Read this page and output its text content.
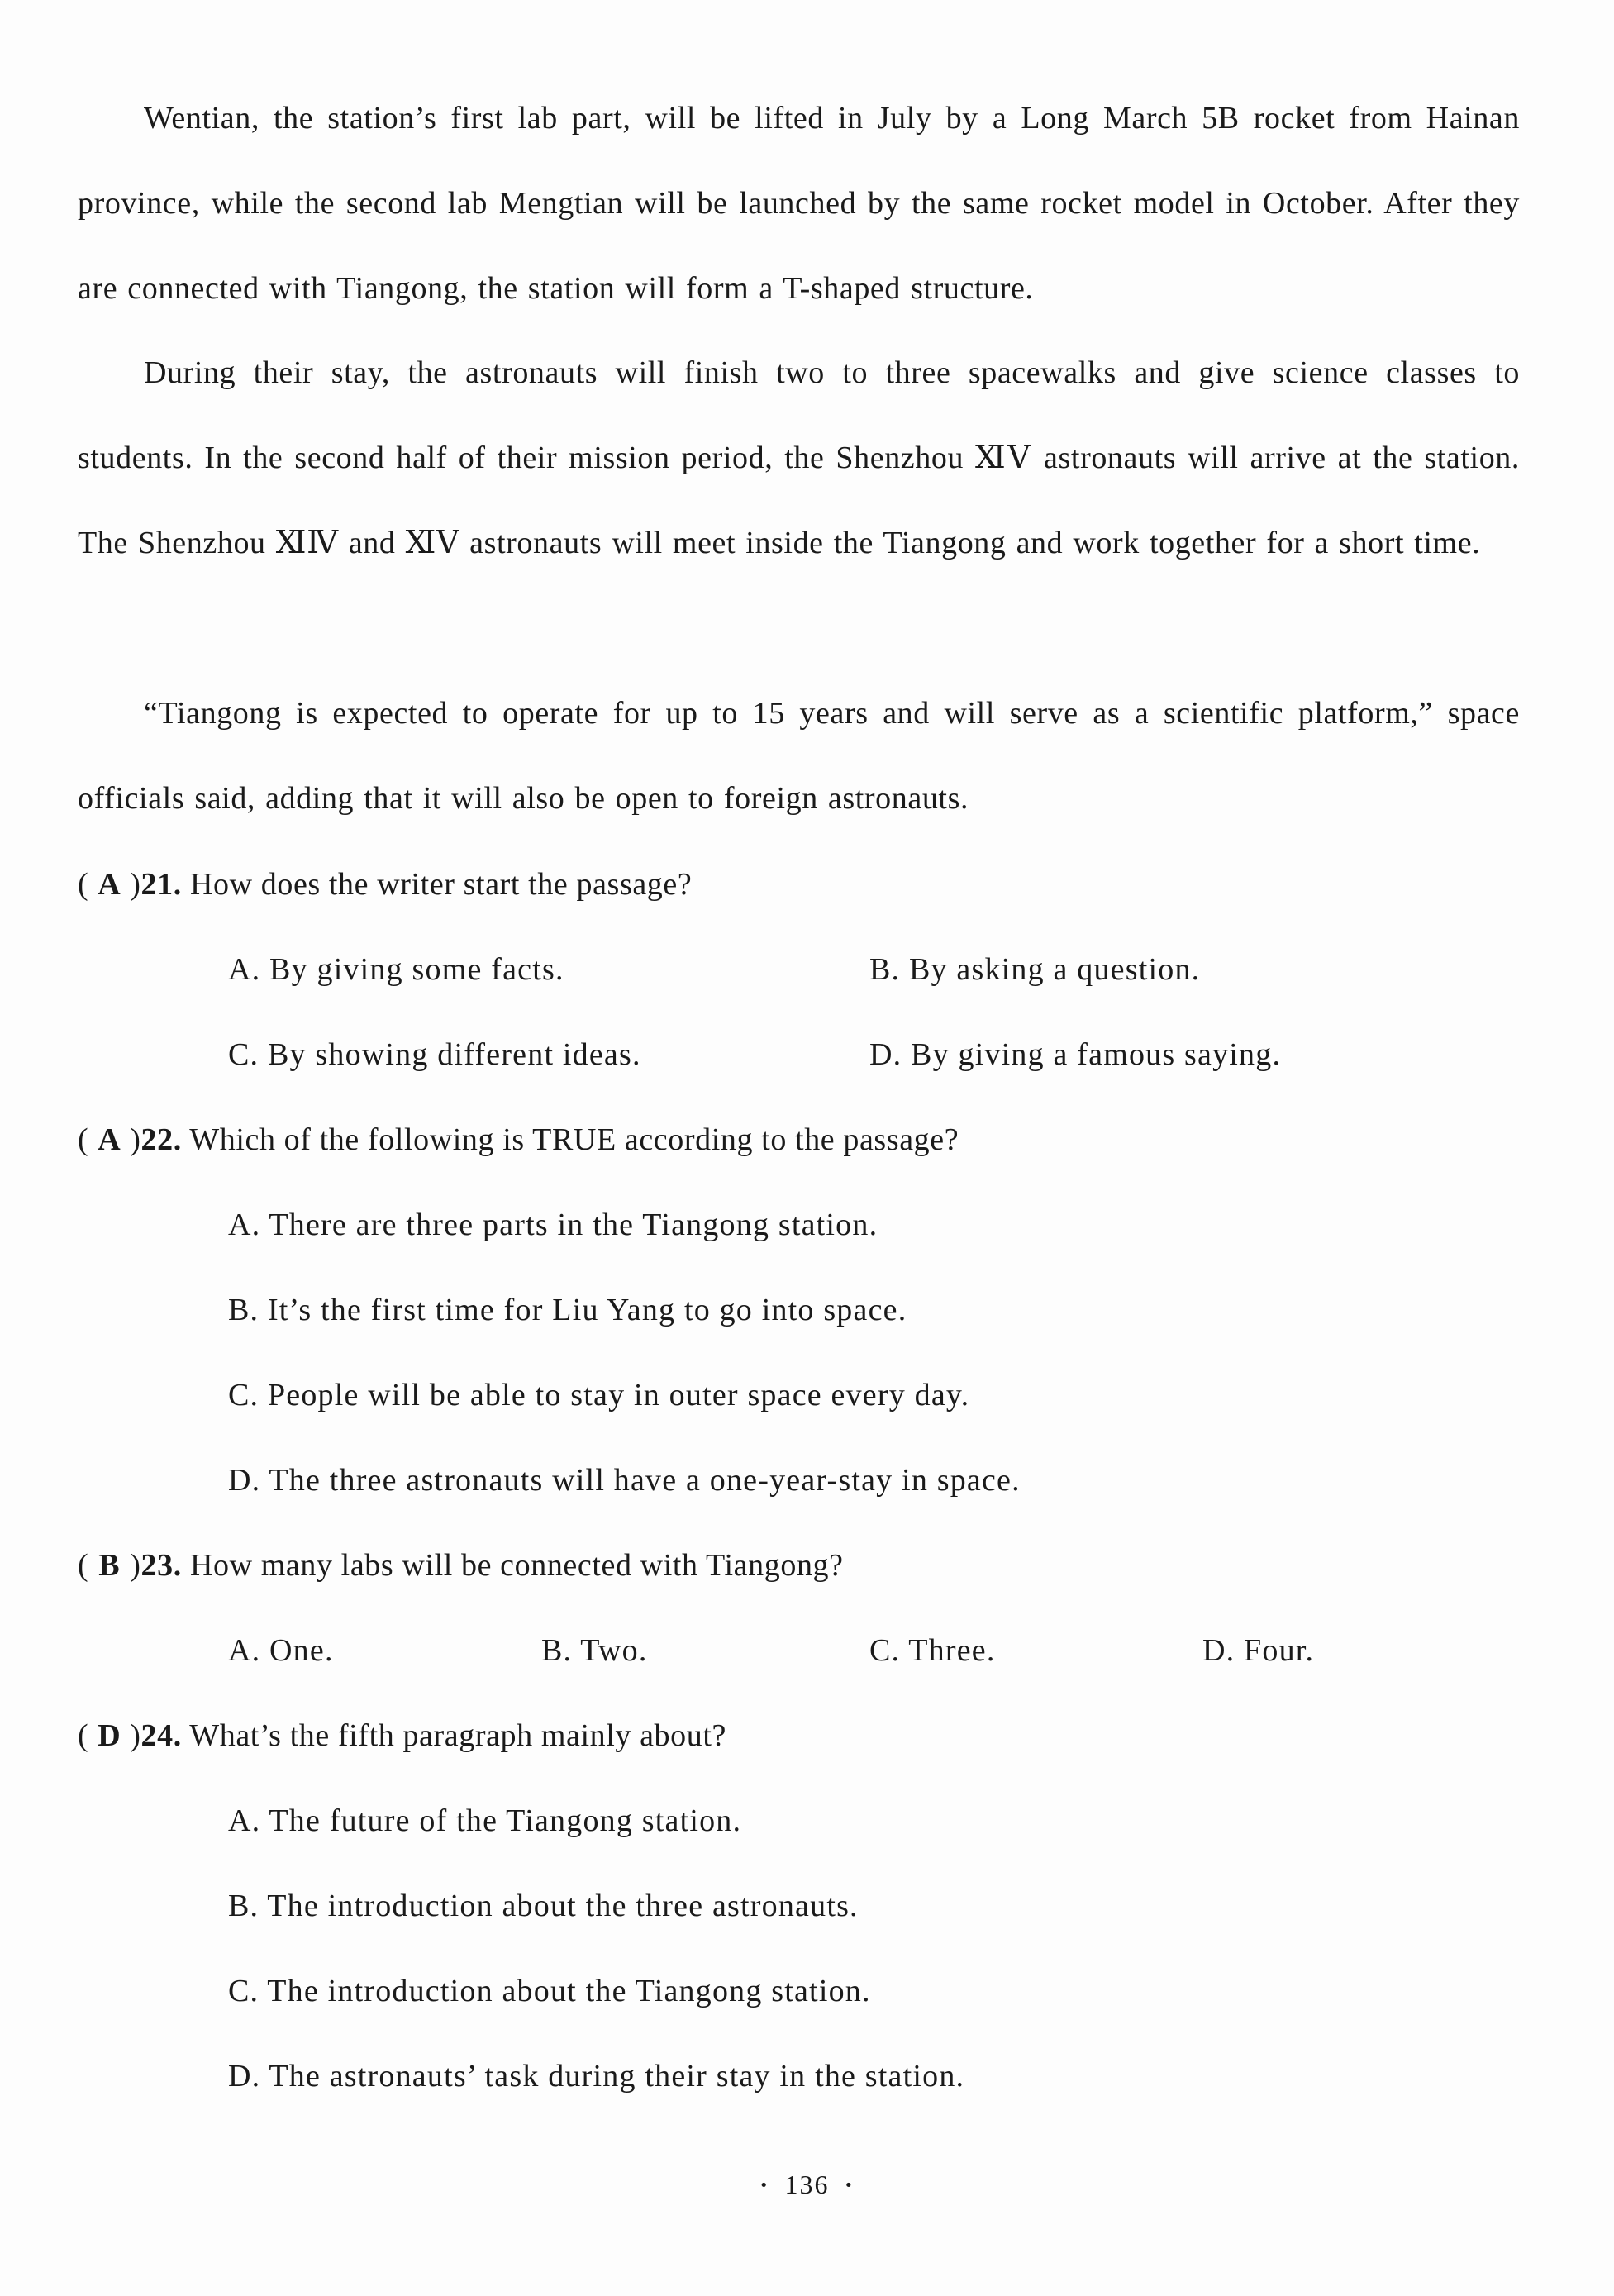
Wentian, the station’s first lab part, will be lifted in July by a Long March 5B rocket from Hainan province, while the second lab Mengtian will be launched by the same rocket model in October. After they are connected with Tiangong, the station will form a T-shaped structure.

During their stay, the astronauts will finish two to three spacewalks and give science classes to students. In the second half of their mission period, the Shenzhou ⅪⅤ astronauts will arrive at the station. The Shenzhou ⅪⅣ and ⅪⅤ astronauts will meet inside the Tiangong and work together for a short time.

“Tiangong is expected to operate for up to 15 years and will serve as a scientific platform,” space officials said, adding that it will also be open to foreign astronauts.

( A )21. How does the writer start the passage?
A. By giving some facts.	B. By asking a question.
C. By showing different ideas.	D. By giving a famous saying.
( A )22. Which of the following is TRUE according to the passage?
A. There are three parts in the Tiangong station.
B. It’s the first time for Liu Yang to go into space.
C. People will be able to stay in outer space every day.
D. The three astronauts will have a one-year-stay in space.
( B )23. How many labs will be connected with Tiangong?
A. One.	B. Two.	C. Three.	D. Four.
( D )24. What’s the fifth paragraph mainly about?
A. The future of the Tiangong station.
B. The introduction about the three astronauts.
C. The introduction about the Tiangong station.
D. The astronauts’ task during their stay in the station.
· 136 ·
